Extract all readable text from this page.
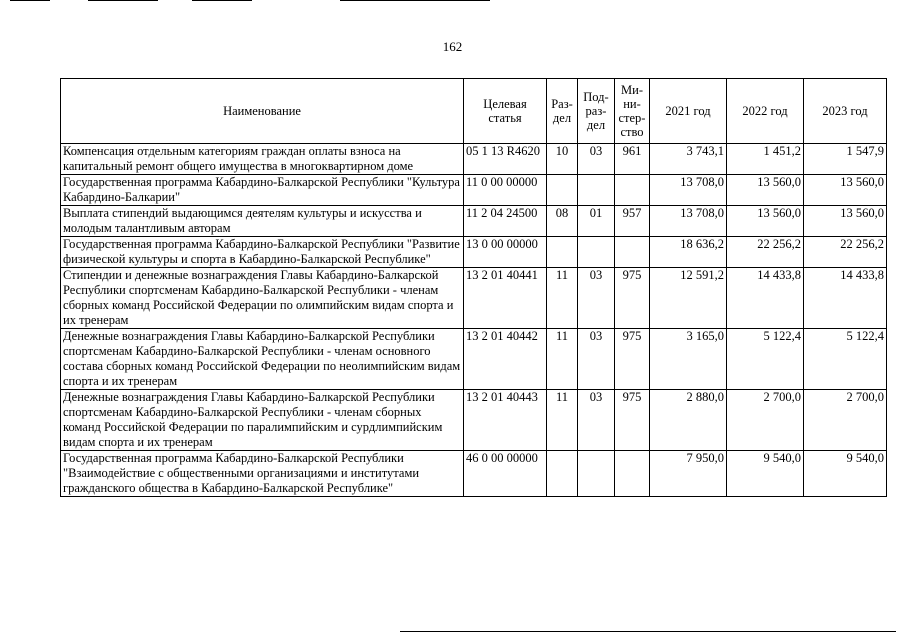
162
Наименование	Целевая статья	Раз-дел	Под-раз-дел	Ми-ни-стер-ство	2021 год	2022 год	2023 год
Компенсация отдельным категориям граждан оплаты взноса на капитальный ремонт общего имущества в многоквартирном доме	05 1 13 R4620	10	03	961	3 743,1	1 451,2	1 547,9
Государственная программа Кабардино-Балкарской Республики "Культура Кабардино-Балкарии"	11 0 00 00000				13 708,0	13 560,0	13 560,0
Выплата стипендий выдающимся деятелям культуры и искусства и молодым талантливым авторам	11 2 04 24500	08	01	957	13 708,0	13 560,0	13 560,0
Государственная программа Кабардино-Балкарской Республики "Развитие физической культуры и спорта в Кабардино-Балкарской Республике"	13 0 00 00000				18 636,2	22 256,2	22 256,2
Стипендии и денежные вознаграждения Главы Кабардино-Балкарской Республики спортсменам Кабардино-Балкарской Республики - членам сборных команд Российской Федерации по олимпийским видам спорта и их тренерам	13 2 01 40441	11	03	975	12 591,2	14 433,8	14 433,8
Денежные вознаграждения Главы Кабардино-Балкарской Республики спортсменам Кабардино-Балкарской Республики - членам основного состава сборных команд Российской Федерации по неолимпийским видам спорта и их тренерам	13 2 01 40442	11	03	975	3 165,0	5 122,4	5 122,4
Денежные вознаграждения Главы Кабардино-Балкарской Республики спортсменам Кабардино-Балкарской Республики - членам сборных команд Российской Федерации по паралимпийским и сурдлимпийским видам спорта и их тренерам	13 2 01 40443	11	03	975	2 880,0	2 700,0	2 700,0
Государственная программа Кабардино-Балкарской Республики "Взаимодействие с общественными организациями и институтами гражданского общества в Кабардино-Балкарской Республике"	46 0 00 00000				7 950,0	9 540,0	9 540,0
